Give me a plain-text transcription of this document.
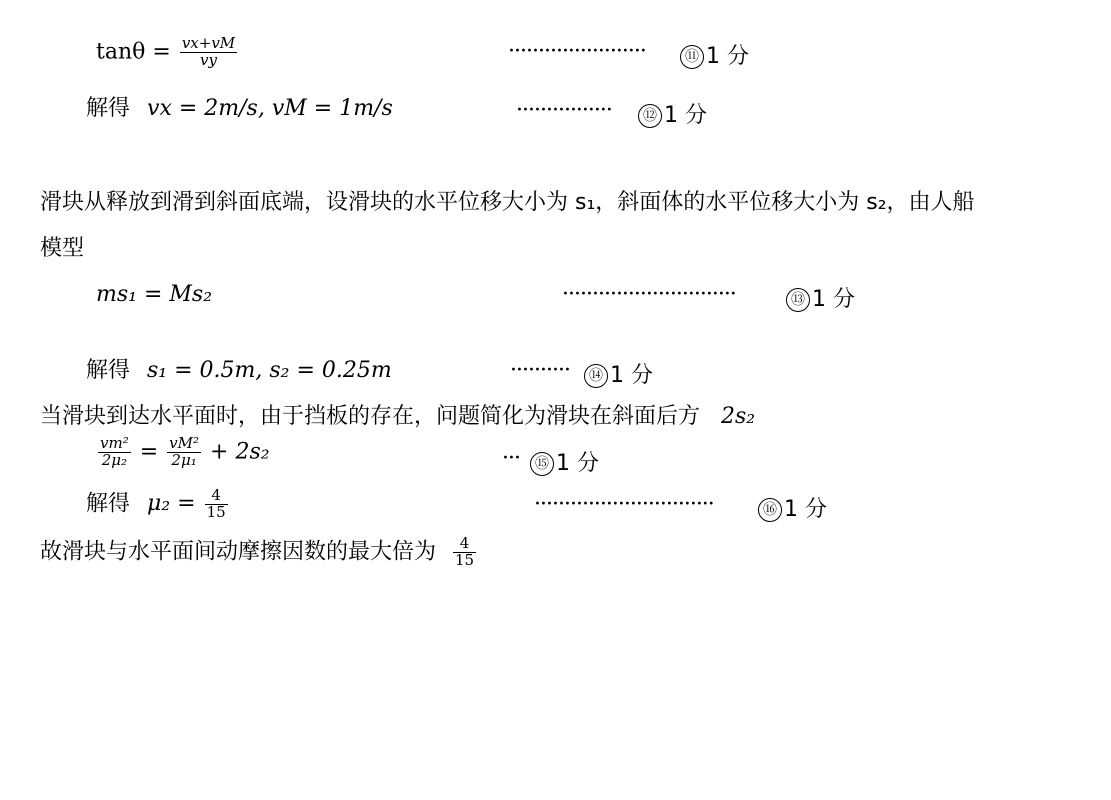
$\tan\theta = \frac{vx+vM}{vy}$	·······················	⑪ 1 分
解得 vx = 2m/s, vM = 1m/s	················	⑫ 1 分
滑块从释放到滑到斜面底端，设滑块的水平位移大小为 s₁，斜面体的水平位移大小为 s₂，由人船
模型
ms₁ = Ms₂	·····························	⑬ 1 分
解得 s₁ = 0.5m, s₂ = 0.25m	··········	⑭ 1 分
当滑块到达水平面时，由于挡板的存在，问题简化为滑块在斜面后方 2s₂
$\frac{\text{vm²}}{\text{2μ₂}} = \frac{\text{vM²}}{\text{2μ₁}} + 2s_2$	···	⑮ 1 分
解得 $\mu_2 = \frac{4}{15}$	······························	⑯ 1 分
故滑块与水平面间动摩擦因数的最大倍为 $\frac{4}{15}$
